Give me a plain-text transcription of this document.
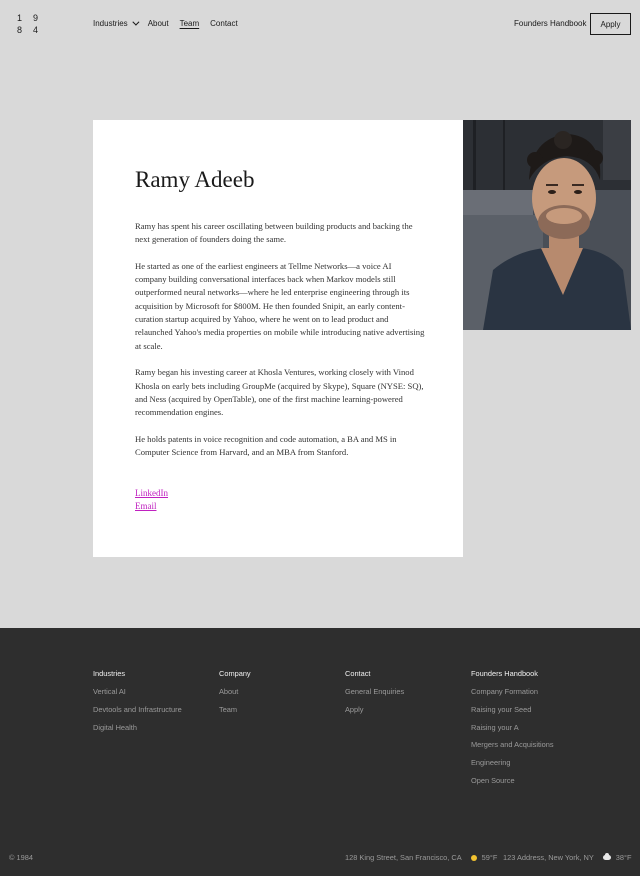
1	9
8	4
Industries	About Team Contact	Founders Handbook	Apply
Ramy Adeeb

Ramy has spent his career oscillating between building products and backing the next generation of founders doing the same.

He started as one of the earliest engineers at Tellme Networks—a voice AI company building conversational interfaces back when Markov models still outperformed neural networks—where he led enterprise engineering through its acquisition by Microsoft for $800M. He then founded Snipit, an early content-curation startup acquired by Yahoo, where he went on to lead product and relaunched Yahoo's media properties on mobile while introducing native advertising at scale.

Ramy began his investing career at Khosla Ventures, working closely with Vinod Khosla on early bets including GroupMe (acquired by Skype), Square (NYSE: SQ), and Ness (acquired by OpenTable), one of the first machine learning-powered recommendation engines.

He holds patents in voice recognition and code automation, a BA and MS in Computer Science from Harvard, and an MBA from Stanford.

LinkedIn
Email
Industries
Vertical AI
Devtools and Infrastructure
Digital Health
Company
About
Team
Contact
General Enquiries
Apply
Founders Handbook
Company Formation
Raising your Seed
Raising your A
Mergers and Acquisitions
Engineering
Open Source
© 1984	128 King Street, San Francisco, CA	59°F 123 Address, New York, NY	38°F
